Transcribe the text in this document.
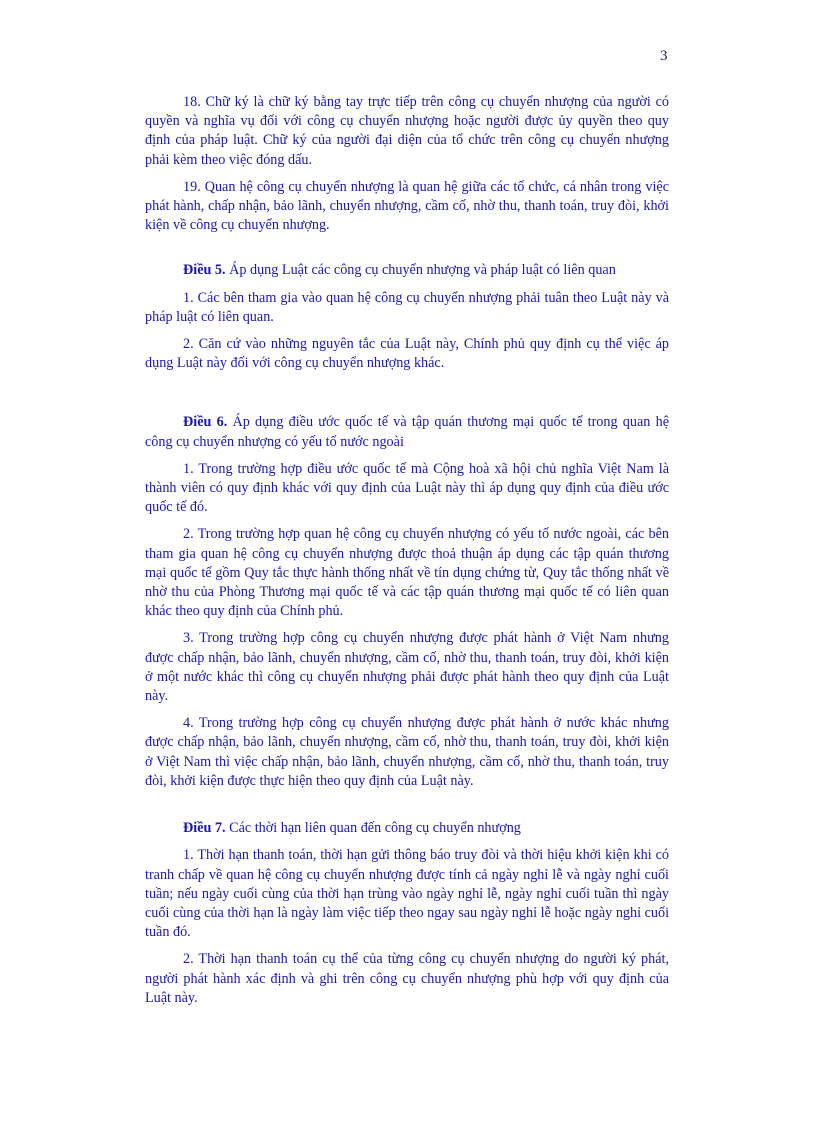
3

18. Chữ ký là chữ ký bằng tay trực tiếp trên công cụ chuyển nhượng của người có quyền và nghĩa vụ đối với công cụ chuyển nhượng hoặc người được ủy quyền theo quy định của pháp luật. Chữ ký của người đại diện của tổ chức trên công cụ chuyển nhượng phải kèm theo việc đóng dấu.

19. Quan hệ công cụ chuyển nhượng là quan hệ giữa các tổ chức, cá nhân trong việc phát hành, chấp nhận, bảo lãnh, chuyển nhượng, cầm cố, nhờ thu, thanh toán, truy đòi, khởi kiện về công cụ chuyển nhượng.

Điều 5. Áp dụng Luật các công cụ chuyển nhượng và pháp luật có liên quan

1. Các bên tham gia vào quan hệ công cụ chuyển nhượng phải tuân theo Luật này và pháp luật có liên quan.

2. Căn cứ vào những nguyên tắc của Luật này, Chính phủ quy định cụ thể việc áp dụng Luật này đối với công cụ chuyển nhượng khác.

Điều 6. Áp dụng điều ước quốc tế và tập quán thương mại quốc tế trong quan hệ công cụ chuyển nhượng có yếu tố nước ngoài

1. Trong trường hợp điều ước quốc tế mà Cộng hoà xã hội chủ nghĩa Việt Nam là thành viên có quy định khác với quy định của Luật này thì áp dụng quy định của điều ước quốc tế đó.

2. Trong trường hợp quan hệ công cụ chuyển nhượng có yếu tố nước ngoài, các bên tham gia quan hệ công cụ chuyển nhượng được thoả thuận áp dụng các tập quán thương mại quốc tế gồm Quy tắc thực hành thống nhất về tín dụng chứng từ, Quy tắc thống nhất về nhờ thu của Phòng Thương mại quốc tế và các tập quán thương mại quốc tế có liên quan khác theo quy định của Chính phủ.

3. Trong trường hợp công cụ chuyển nhượng được phát hành ở Việt Nam nhưng được chấp nhận, bảo lãnh, chuyển nhượng, cầm cố, nhờ thu, thanh toán, truy đòi, khởi kiện ở một nước khác thì công cụ chuyển nhượng phải được phát hành theo quy định của Luật này.

4. Trong trường hợp công cụ chuyển nhượng được phát hành ở nước khác nhưng được chấp nhận, bảo lãnh, chuyển nhượng, cầm cố, nhờ thu, thanh toán, truy đòi, khởi kiện ở Việt Nam thì việc chấp nhận, bảo lãnh, chuyển nhượng, cầm cố, nhờ thu, thanh toán, truy đòi, khởi kiện được thực hiện theo quy định của Luật này.

Điều 7. Các thời hạn liên quan đến công cụ chuyển nhượng

1. Thời hạn thanh toán, thời hạn gửi thông báo truy đòi và thời hiệu khởi kiện khi có tranh chấp về quan hệ công cụ chuyển nhượng được tính cả ngày nghỉ lễ và ngày nghỉ cuối tuần; nếu ngày cuối cùng của thời hạn trùng vào ngày nghỉ lễ, ngày nghỉ cuối tuần thì ngày cuối cùng của thời hạn là ngày làm việc tiếp theo ngay sau ngày nghỉ lễ hoặc ngày nghỉ cuối tuần đó.

2. Thời hạn thanh toán cụ thể của từng công cụ chuyển nhượng do người ký phát, người phát hành xác định và ghi trên công cụ chuyển nhượng phù hợp với quy định của Luật này.
